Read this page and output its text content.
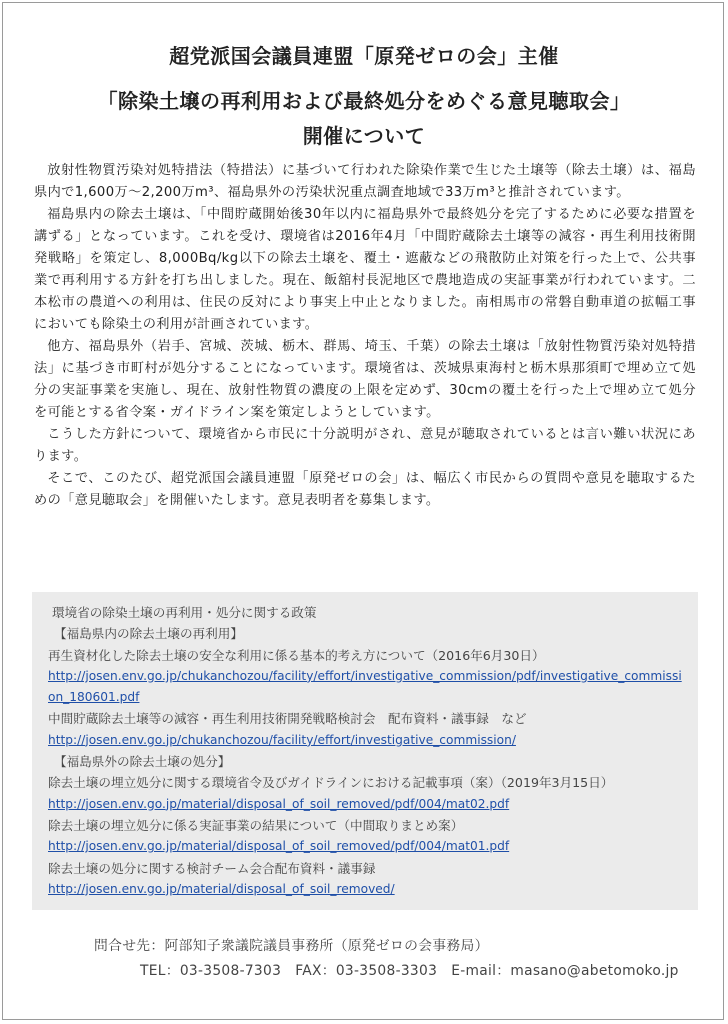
超党派国会議員連盟「原発ゼロの会」主催
「除染土壌の再利用および最終処分をめぐる意見聴取会」
開催について

放射性物質汚染対処特措法（特措法）に基づいて行われた除染作業で生じた土壌等（除去土壌）は、福島県内で1,600万～2,200万m³、福島県外の汚染状況重点調査地域で33万m³と推計されています。

福島県内の除去土壌は、「中間貯蔵開始後30年以内に福島県外で最終処分を完了するために必要な措置を講ずる」となっています。これを受け、環境省は2016年4月「中間貯蔵除去土壌等の減容・再生利用技術開発戦略」を策定し、8,000Bq/kg以下の除去土壌を、覆土・遮蔽などの飛散防止対策を行った上で、公共事業で再利用する方針を打ち出しました。現在、飯舘村長泥地区で農地造成の実証事業が行われています。二本松市の農道への利用は、住民の反対により事実上中止となりました。南相馬市の常磐自動車道の拡幅工事においても除染土の利用が計画されています。

他方、福島県外（岩手、宮城、茨城、栃木、群馬、埼玉、千葉）の除去土壌は「放射性物質汚染対処特措法」に基づき市町村が処分することになっています。環境省は、茨城県東海村と栃木県那須町で埋め立て処分の実証事業を実施し、現在、放射性物質の濃度の上限を定めず、30cmの覆土を行った上で埋め立て処分を可能とする省令案・ガイドライン案を策定しようとしています。

こうした方針について、環境省から市民に十分説明がされ、意見が聴取されているとは言い難い状況にあります。

そこで、このたび、超党派国会議員連盟「原発ゼロの会」は、幅広く市民からの質問や意見を聴取するための「意見聴取会」を開催いたします。意見表明者を募集します。

環境省の除染土壌の再利用・処分に関する政策
【福島県内の除去土壌の再利用】
再生資材化した除去土壌の安全な利用に係る基本的考え方について（2016年6月30日）
http://josen.env.go.jp/chukanchozou/facility/effort/investigative_commission/pdf/investigative_commission_180601.pdf
中間貯蔵除去土壌等の減容・再生利用技術開発戦略検討会　配布資料・議事録　など
http://josen.env.go.jp/chukanchozou/facility/effort/investigative_commission/
【福島県外の除去土壌の処分】
除去土壌の埋立処分に関する環境省令及びガイドラインにおける記載事項（案）（2019年3月15日）
http://josen.env.go.jp/material/disposal_of_soil_removed/pdf/004/mat02.pdf
除去土壌の埋立処分に係る実証事業の結果について（中間取りまとめ案）
http://josen.env.go.jp/material/disposal_of_soil_removed/pdf/004/mat01.pdf
除去土壌の処分に関する検討チーム会合配布資料・議事録
http://josen.env.go.jp/material/disposal_of_soil_removed/
問合せ先：阿部知子衆議院議員事務所（原発ゼロの会事務局）
TEL：03-3508-7303　FAX：03-3508-3303　E-mail：masano@abetomoko.jp
